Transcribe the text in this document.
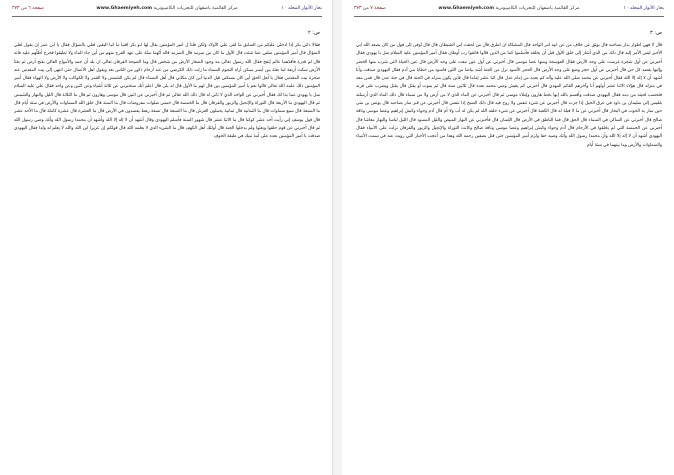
بحار الأنوار المجلد ١٠
مركز القائمية باصفهان للتحريات الكامپيوترية www.Ghaemiyeh.com
صفحة ٦ من ٣٧٣
ص: ٢
فقالا ذاتي بكر إذا أدخلي عليكم من السابق ما لقى علي الأولاد ولكن فلنا ل أمير المؤمنين يقال لها أبو بكر أقنيا ما أنيا اليقين لعلي بالسؤال فقال يا ابن عمر إن يقول لعلي السؤال قال أمير المؤمنين سلني عما شئت قال الأول ما كان من سرمد قال السرمد قاله أنّهما سنّة على عهد الفرح منهم من أين جاء الماء ولا تطيقوا فخرج أطلّهم عليه فانه قال لم قدرة فأقدّهما عالم يُنفخ فقال الله رسول تعالى مه وجود الصغار الأرض من شخص قال وما الصيحة الفرقان تعالى ان بلد أن جمد والأمواج العالي بفتح أرض ثم بعثا الأرض سكت أربعة لما بعثة بين أيسر ممكن أراه النجوم السماء ما زلت ذلك الكرسي من عند أرحام ذكور من الناس بعد ويقول أهل الأعمال حتى انتهى إلى بيت المقدس عند صخرة بيت المقدس فقال يا أهل الحق أين كان مسكني قبل الدنيا أين كان مكاني قال أهل السماء قال لم يكن الشمس ولا القمر ولا الكواكب ولا الأرض ولا الهواء فقال أمير المؤمنين ذلك علمه الله تعالى قالوا نعم يا أمير المؤمنين بين قال لهم ما الأول قال له بلى قال اعلم أنك ستخبرني عن ثلاثة أشياء وعن اثنين وعن واحد فقال علي عليه السلام سل يا يهودي عما بدا لك فقال أخبرني عن الواحد الذي لا ثاني له قال ذلك الله تعالى ثم قال أخبرني عن اثنين قال موسى وهارون ثم قال ما الثلاثة قال الليل والنهار والشمس ثم قال اليهودي ما الأربعة قال التوراة والإنجيل والزبور والفرقان قال ما الخمسة قال خمس صلوات مفروضات قال ما الستة قال خلق الله السماوات والأرض في ستة أيام قال ما السبعة قال سبع سماوات قال ما الثمانية قال ثمانية يحملون العرش قال ما التسعة قال تسعة رهط يفسدون في الأرض قال ما العشرة قال عشرة كاملة قال ما الأحد عشر قال قول يوسف إني رأيت أحد عشر كوكبا قال ما الاثنا عشر قال شهور السنة فأسلم اليهودي وقال أشهد أن لا إله إلا الله وأشهد أن محمدا رسول الله وأنك وصي رسول الله ثم قال أخبرني عن قوم خلقوا وبعثوا ولم يدخلوا الجنة قال أولئك أهل الكهف قال ما الشيء الذي لا يعلمه الله قال قولكم إن عزيرا ابن الله والله لا يعلم له ولدا فقال اليهودي صدقت يا أمير المؤمنين بعده على أمة نبيك في طبقة الخوف
بحار الأنوار المجلد ١٠
مركز القائمية باصفهان للتحريات الكامپيوترية www.Ghaemiyeh.com
صفحة ٧ من ٣٧٣
ص: ٣
قال لا فهي أطوار بدار بصاحبه قال يوثق عن خلاف من عن أبيه أمر الواحد قال المشكاة أن أطرق قال من لحقت أبي الشيطان قال قال أوفى إلى قول من كان يصعد الله أبي الأخير ليس الأمر إليه قال ذلك من الذي أشار إلى خلق الأول قبل أن يخلقه فأسلموا كما من الذين قالوا فاتقوا رب أوطان فقال أمير المؤمنين عليه السلام سل يا يهودي فقال أخبرني عن أول شجرة غرست على وجه الأرض فقال العوسجة ومنها عصا موسى قال أخبرني عن أول عين نبعت على وجه الأرض قال عين الحياة التي شرب منها الخضر وإليها يقصد كل حي قال أخبرني عن أول حجر وضع على وجه الأرض قال الحجر الأسود نزل من الجنة أشد بياضا من اللبن فاسود من خطايا بني آدم فقال اليهودي صدقت وأنا أشهد أن لا إله إلا الله فقال أخبرني عن محمد صلى الله عليه وآله كم بعده من إمام عدل قال اثنا عشر إماما قال فأين يكون منزله في الجنة قال في جنة عدن قال فمن معه في منزله قال هؤلاء الاثنا عشر أولهم أنا وآخرهم القائم المهدي قال أخبرني كم يعيش وصي محمد بعده قال ثلاثين سنة قال ثم يموت أو يقتل قال يقتل ويضرب على قرنه فتخضب لحيته من دمه فقال اليهودي صدقت وأقسم بالله إنها بخط هارون وإملاء موسى ثم قال أخبرني عن الماء الذي لا من أرض ولا من سماء قال ذلك الماء الذي أرسلته بلقيس إلى سليمان بن داود في عرق الخيل إذا جرت قال أخبرني عن شيء تنفس ولا روح فيه قال ذلك الصبح إذا تنفس قال أخبرني عن قبر سار بصاحبه قال يونس بن متى حين سار به الحوت في البحار قال أخبرني عن ما لا قبلة له قال الكعبة قال أخبرني عن شيء خلقه الله لم يكن له أب ولا أم قال آدم وحواء وكبش إبراهيم وعصا موسى وناقة صالح قال أخبرني عن الساكن في السماء قال الحق قال فما الناطق في الأرض قال اللسان قال فأخبرني عن النهار المبيض والليل المسود قال الليل لباسا والنهار معاشا قال أخبرني عن الخمسة التي لم يخلقوا في الأرحام قال آدم وحواء وكبش إبراهيم وعصا موسى وناقة صالح وكانت التوراة والإنجيل والزبور والفرقان نزلت على الأنبياء فقال اليهودي أشهد أن لا إله إلا الله وأن محمدا رسول الله وأنك وصيه حقا ولزم أمير المؤمنين حتى قتل بصفين رحمه الله وهذا من أعجب الأخبار التي رويت عنه في سمت الأنبياء والسماوات والأرض وما بينهما في ستة أيام
